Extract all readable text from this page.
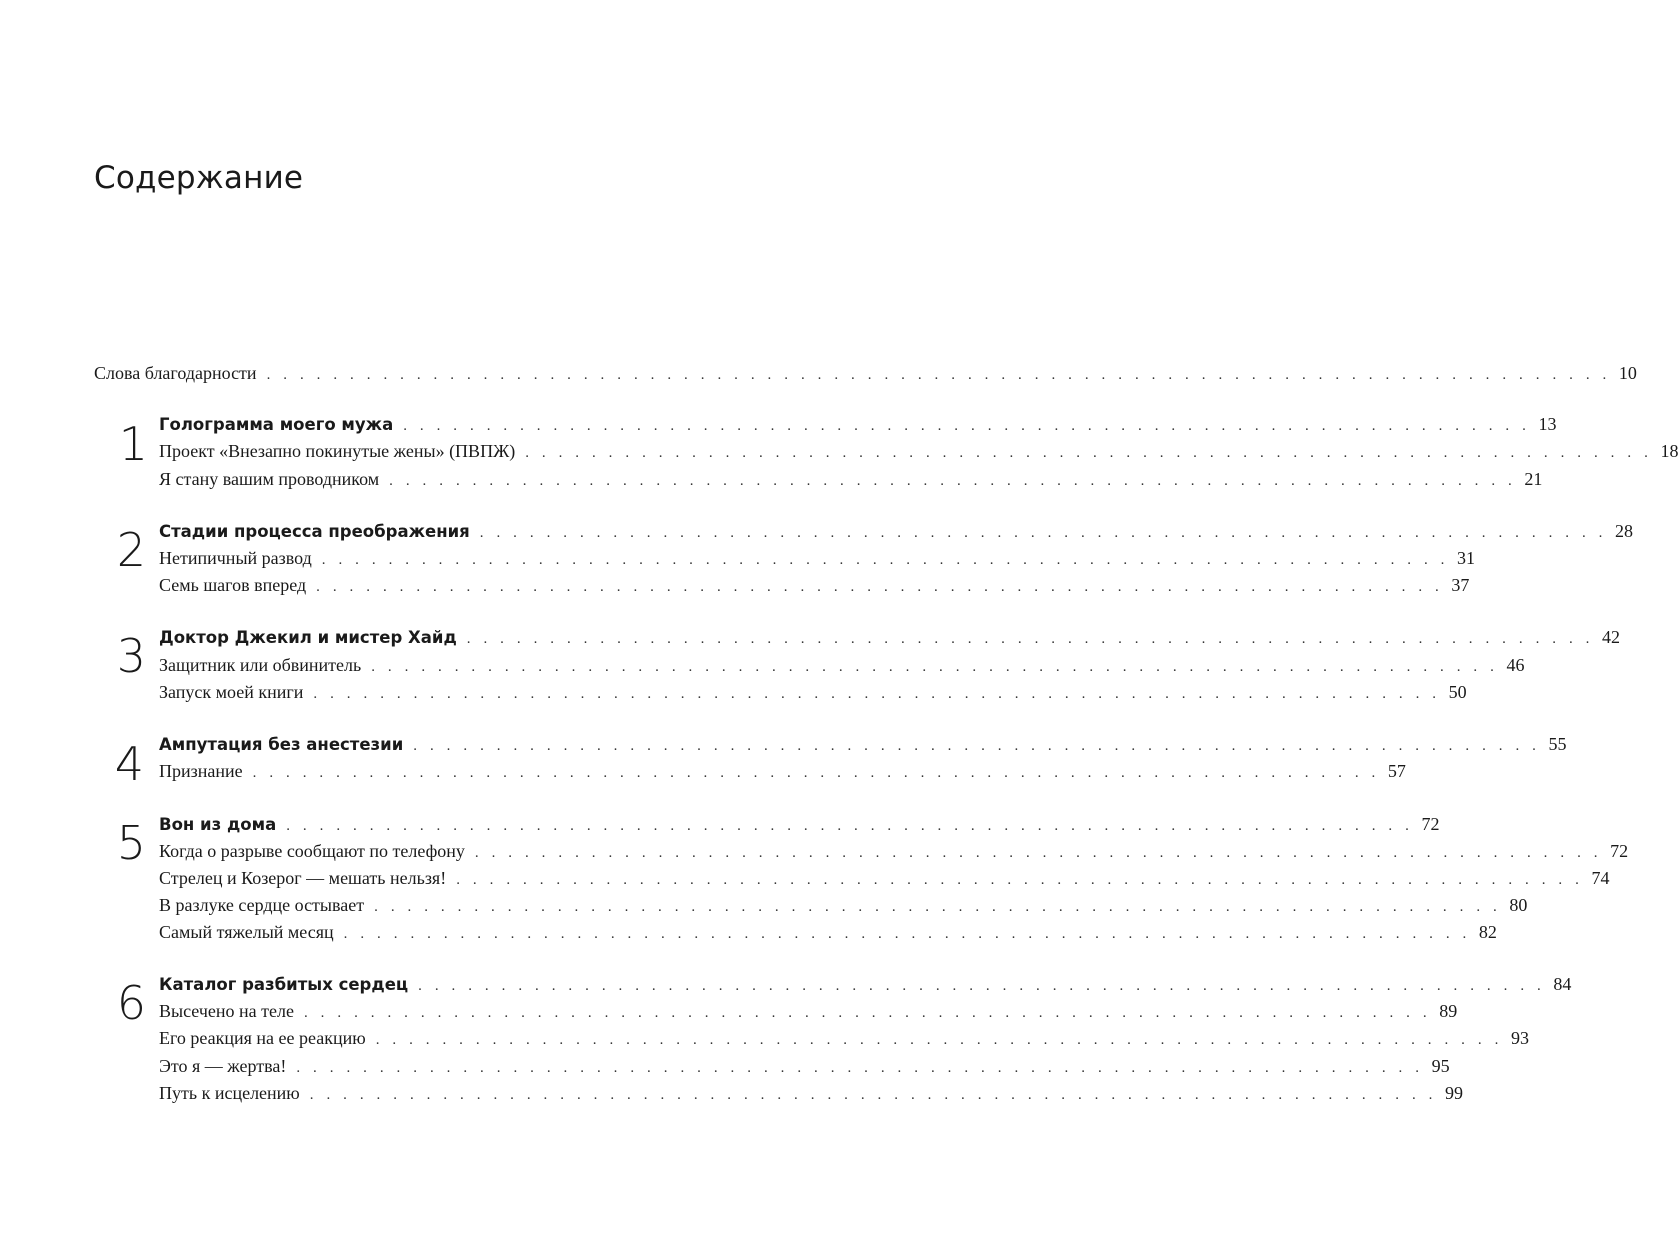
Содержание
Слова благодарности . . . . . . . . . . . . . . . . . . . . . . . . . . . . . . . . . . . . . . . . . . . . . . . . . . . . . . . . . . . . . . . . . . . . . . . . . . . . . . . . . 10
1 Голограмма моего мужа . . . . . . . . . . . . . . . . . . . . . . . . . . . . . . . . . . . . . . . . . . . . . . . . . . . . . . . . . . . . . . . . . . . . 13
Проект «Внезапно покинутые жены» (ПВПЖ) . . . . . . . . . . . . . . . . . . . . . . . . . . . . . . . . . . . . . . . . . . . . . . . . . . . . . . . . . . . . . . . . . . . . 18
Я стану вашим проводником . . . . . . . . . . . . . . . . . . . . . . . . . . . . . . . . . . . . . . . . . . . . . . . . . . . . . . . . . . . . . . . . . . . . 21
2 Стадии процесса преображения . . . . . . . . . . . . . . . . . . . . . . . . . . . . . . . . . . . . . . . . . . . . . . . . . . . . . . . . . . . . . . . . . . . . 28
Нетипичный развод . . . . . . . . . . . . . . . . . . . . . . . . . . . . . . . . . . . . . . . . . . . . . . . . . . . . . . . . . . . . . . . . . . . . 31
Семь шагов вперед . . . . . . . . . . . . . . . . . . . . . . . . . . . . . . . . . . . . . . . . . . . . . . . . . . . . . . . . . . . . . . . . . . . . 37
3 Доктор Джекил и мистер Хайд . . . . . . . . . . . . . . . . . . . . . . . . . . . . . . . . . . . . . . . . . . . . . . . . . . . . . . . . . . . . . . . . . . . . 42
Защитник или обвинитель . . . . . . . . . . . . . . . . . . . . . . . . . . . . . . . . . . . . . . . . . . . . . . . . . . . . . . . . . . . . . . . . . . . . 46
Запуск моей книги . . . . . . . . . . . . . . . . . . . . . . . . . . . . . . . . . . . . . . . . . . . . . . . . . . . . . . . . . . . . . . . . . . . . 50
4 Ампутация без анестезии . . . . . . . . . . . . . . . . . . . . . . . . . . . . . . . . . . . . . . . . . . . . . . . . . . . . . . . . . . . . . . . . . . . . 55
Признание . . . . . . . . . . . . . . . . . . . . . . . . . . . . . . . . . . . . . . . . . . . . . . . . . . . . . . . . . . . . . . . . . . . . 57
5 Вон из дома . . . . . . . . . . . . . . . . . . . . . . . . . . . . . . . . . . . . . . . . . . . . . . . . . . . . . . . . . . . . . . . . . . . . 72
Когда о разрыве сообщают по телефону . . . . . . . . . . . . . . . . . . . . . . . . . . . . . . . . . . . . . . . . . . . . . . . . . . . . . . . . . . . . . . . . . . . . 72
Стрелец и Козерог — мешать нельзя! . . . . . . . . . . . . . . . . . . . . . . . . . . . . . . . . . . . . . . . . . . . . . . . . . . . . . . . . . . . . . . . . . . . . 74
В разлуке сердце остывает . . . . . . . . . . . . . . . . . . . . . . . . . . . . . . . . . . . . . . . . . . . . . . . . . . . . . . . . . . . . . . . . . . . . 80
Самый тяжелый месяц . . . . . . . . . . . . . . . . . . . . . . . . . . . . . . . . . . . . . . . . . . . . . . . . . . . . . . . . . . . . . . . . . . . . 82
6 Каталог разбитых сердец . . . . . . . . . . . . . . . . . . . . . . . . . . . . . . . . . . . . . . . . . . . . . . . . . . . . . . . . . . . . . . . . . . . . 84
Высечено на теле . . . . . . . . . . . . . . . . . . . . . . . . . . . . . . . . . . . . . . . . . . . . . . . . . . . . . . . . . . . . . . . . . . . . 89
Его реакция на ее реакцию . . . . . . . . . . . . . . . . . . . . . . . . . . . . . . . . . . . . . . . . . . . . . . . . . . . . . . . . . . . . . . . . . . . . 93
Это я — жертва! . . . . . . . . . . . . . . . . . . . . . . . . . . . . . . . . . . . . . . . . . . . . . . . . . . . . . . . . . . . . . . . . . . . . 95
Путь к исцелению . . . . . . . . . . . . . . . . . . . . . . . . . . . . . . . . . . . . . . . . . . . . . . . . . . . . . . . . . . . . . . . . . . . . 99
